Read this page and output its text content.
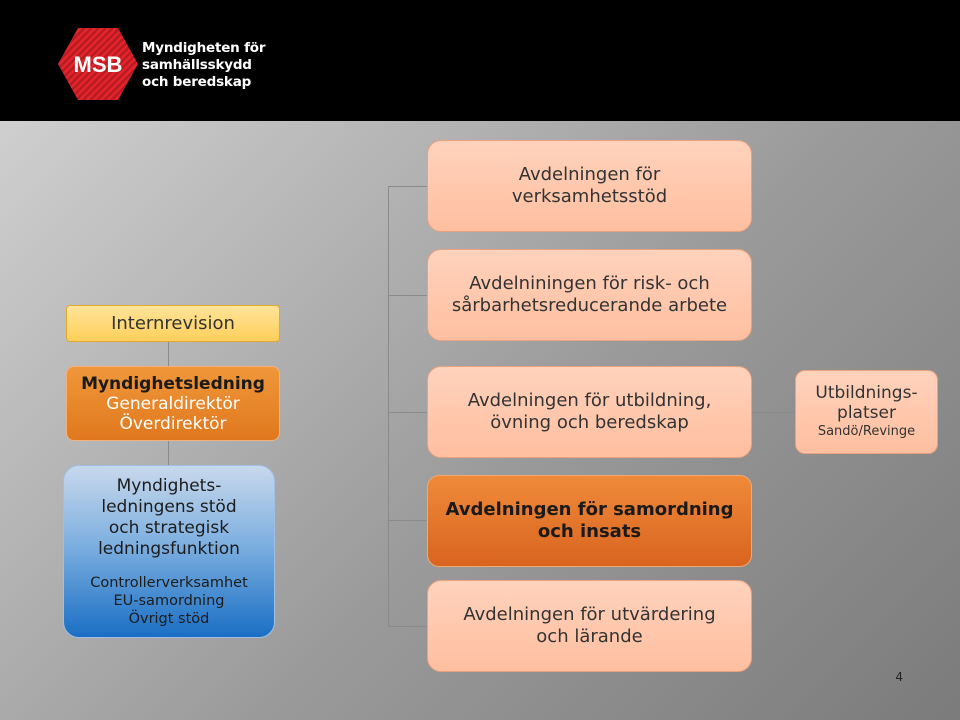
MSB
Myndigheten för
samhällsskydd
och beredskap
Internrevision
Myndighetsledning
Generaldirektör
Överdirektör
Myndighets-
ledningens stöd
och strategisk
ledningsfunktion
Controllerverksamhet
EU-samordning
Övrigt stöd
Avdelningen för
verksamhetsstöd
Avdelniningen för risk- och
sårbarhetsreducerande arbete
Avdelningen för utbildning,
övning och beredskap
Avdelningen för samordning
och insats
Avdelningen för utvärdering
och lärande
Utbildnings-
platser
Sandö/Revinge
4
